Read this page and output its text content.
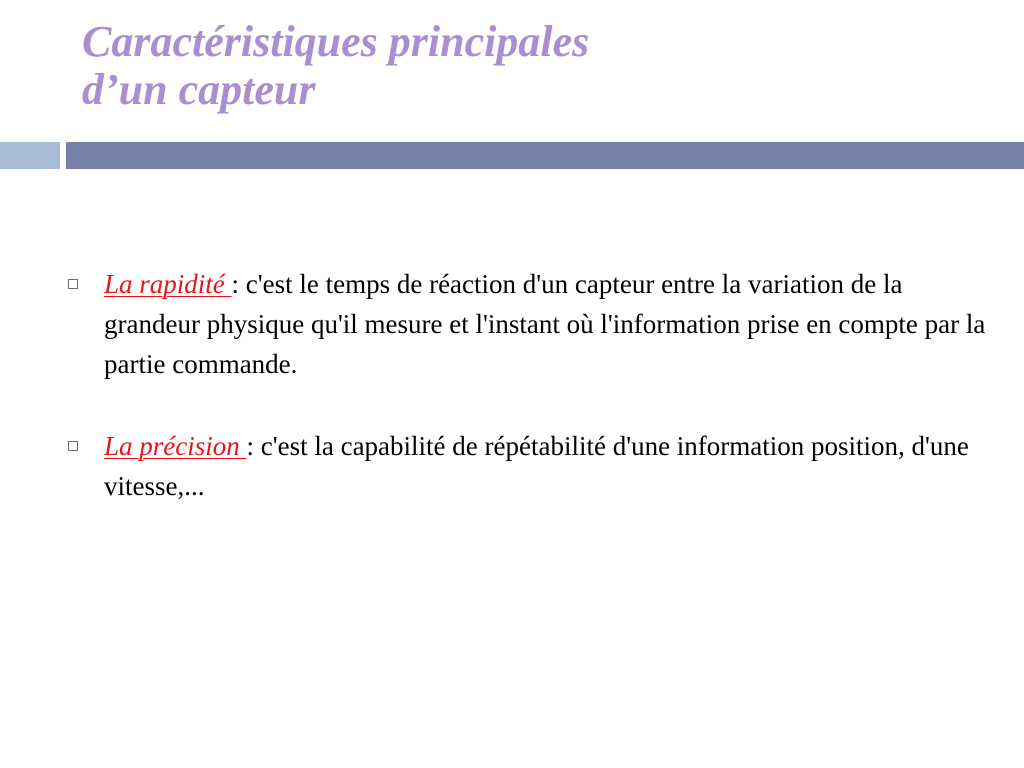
Caractéristiques principales
d’un capteur
La rapidité : c'est le temps de réaction d'un capteur entre la variation de la grandeur physique qu'il mesure et l'instant où l'information prise en compte par la partie commande.
La précision : c'est la capabilité de répétabilité d'une information position, d'une vitesse,...
